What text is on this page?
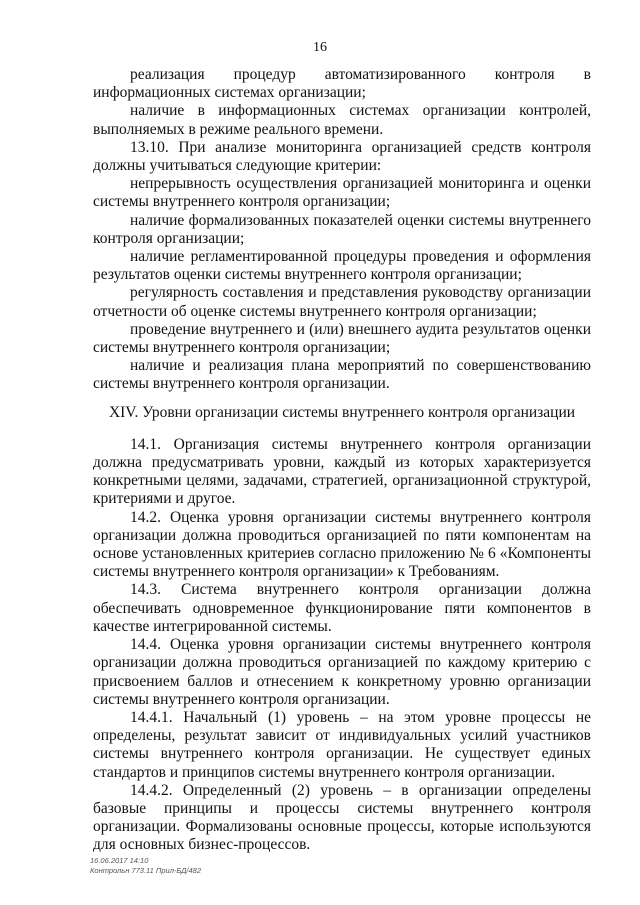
16

реализация процедур автоматизированного контроля в информационных системах организации;

наличие в информационных системах организации контролей, выполняемых в режиме реального времени.

13.10. При анализе мониторинга организацией средств контроля должны учитываться следующие критерии:

непрерывность осуществления организацией мониторинга и оценки системы внутреннего контроля организации;

наличие формализованных показателей оценки системы внутреннего контроля организации;

наличие регламентированной процедуры проведения и оформления результатов оценки системы внутреннего контроля организации;

регулярность составления и представления руководству организации отчетности об оценке системы внутреннего контроля организации;

проведение внутреннего и (или) внешнего аудита результатов оценки системы внутреннего контроля организации;

наличие и реализация плана мероприятий по совершенствованию системы внутреннего контроля организации.

XIV. Уровни организации системы внутреннего контроля организации

14.1. Организация системы внутреннего контроля организации должна предусматривать уровни, каждый из которых характеризуется конкретными целями, задачами, стратегией, организационной структурой, критериями и другое.

14.2. Оценка уровня организации системы внутреннего контроля организации должна проводиться организацией по пяти компонентам на основе установленных критериев согласно приложению № 6 «Компоненты системы внутреннего контроля организации» к Требованиям.

14.3. Система внутреннего контроля организации должна обеспечивать одновременное функционирование пяти компонентов в качестве интегрированной системы.

14.4. Оценка уровня организации системы внутреннего контроля организации должна проводиться организацией по каждому критерию с присвоением баллов и отнесением к конкретному уровню организации системы внутреннего контроля организации.

14.4.1. Начальный (1) уровень – на этом уровне процессы не определены, результат зависит от индивидуальных усилий участников системы внутреннего контроля организации. Не существует единых стандартов и принципов системы внутреннего контроля организации.

14.4.2. Определенный (2) уровень – в организации определены базовые принципы и процессы системы внутреннего контроля организации. Формализованы основные процессы, которые используются для основных бизнес-процессов.

16.06.2017 14:10
Контрольн 773.11 Прил-БД/482
